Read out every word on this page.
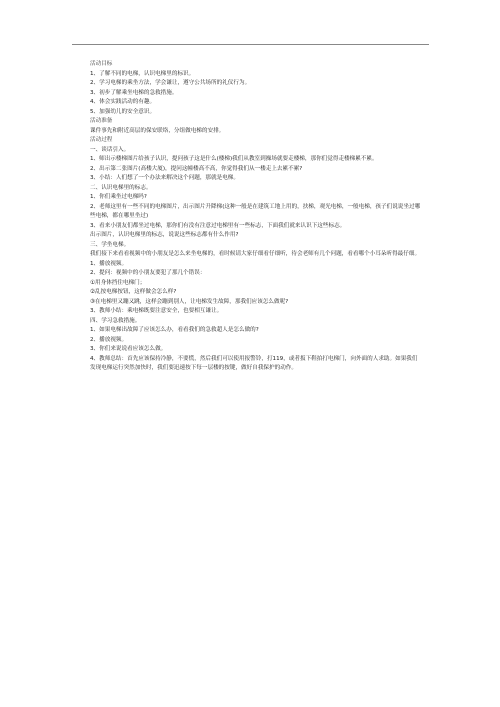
活动目标
1、了解不同的电梯，认识电梯里的标识。
2、学习电梯的乘坐方法，学会谦让，遵守公共场所的礼仪行为。
3、初步了解乘坐电梯的急救措施。
4、体会实践活动的有趣。
5、加强幼儿的安全意识。
活动准备
课件事先和附近高层的保安联络，分组做电梯的安排。
活动过程
一、谈话引入。
1、师出示楼梯图片给孩子认识，提问孩子这是什么(楼梯)我们从教室到操场就要走楼梯，那你们觉得走楼梯累不累。
2、出示第二张图片(高楼大厦)，提问这幢楼高不高，你觉得我们从一楼走上去累不累?
3、小结：人们想了一个办法来解决这个问题，那就是电梯。
二、认识电梯里的标志。
1、你们乘坐过电梯吗?
2、老师这里有一些不同的电梯图片，出示图片升降梯(这种一般是在建筑工地上用的，扶梯，观光电梯，一般电梯，孩子们说说坐过哪些电梯，都在哪里坐过)
3、看来小朋友们都坐过电梯，那你们有没有注意过电梯里有一些标志，下面我们就来认识下这些标志。
出示图片，认识电梯里的标志，说说这些标志都有什么作用?
三、学坐电梯。
我们接下来看看视频中的小朋友是怎么来坐电梯的，看时候请大家仔细看仔细听，待会老师有几个问题，看看哪个小耳朵听得最仔细。
1、播放视频。
2、提问：视频中的小朋友要犯了那几个错误：
①用身体挡住电梯门；
②乱按电梯按钮，这样做会怎么样?
③在电梯里又蹦又跳，这样会蹦到别人，让电梯发生故障，那我们应该怎么做呢?
3、教师小结：乘电梯既要注意安全，也要相互谦让。
四、学习急救措施。
1、如果电梯出故障了应该怎么办，看看我们的急救超人是怎么做的?
2、播放视频。
3、你们来说说看应该怎么做。
4、教师总结：首先应该保持冷静，不要慌，然后我们可以使用报警铃，打119，或者扳下鞋拍打电梯门，向外面的人求助。如果我们发现电梯运行突然加快时，我们要迅速按下每一层楼的按键，做好自我保护的动作。
